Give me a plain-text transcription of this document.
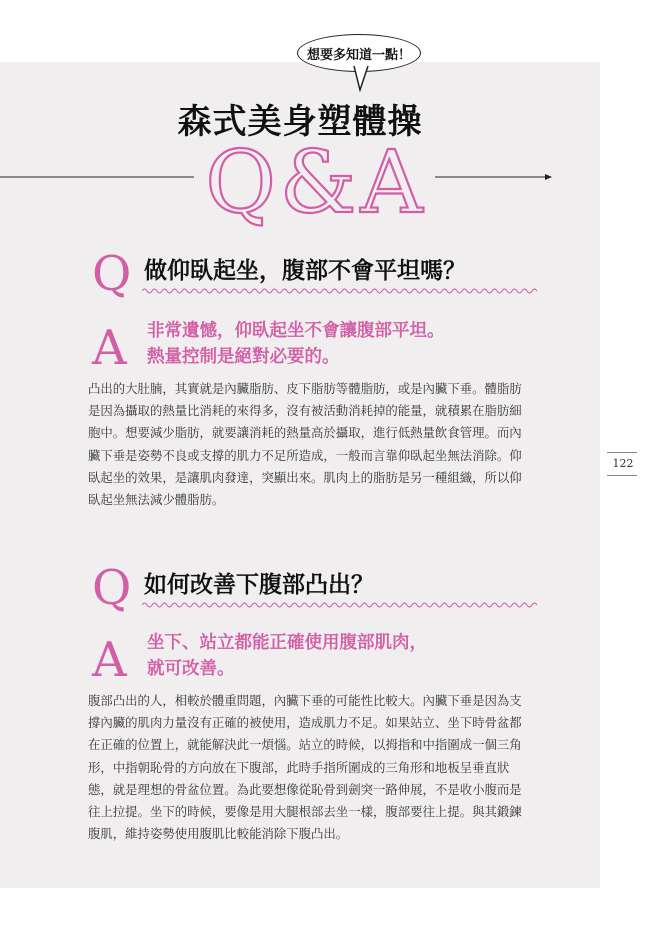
想要多知道一點！
森式美身塑體操
Q&A
Q 做仰臥起坐，腹部不會平坦嗎？
A 非常遺憾，仰臥起坐不會讓腹部平坦。
熱量控制是絕對必要的。
凸出的大肚腩，其實就是內臟脂肪、皮下脂肪等體脂肪，或是內臟下垂。體脂肪
是因為攝取的熱量比消耗的來得多，沒有被活動消耗掉的能量，就積累在脂肪細
胞中。想要減少脂肪，就要讓消耗的熱量高於攝取，進行低熱量飲食管理。而內
臟下垂是姿勢不良或支撐的肌力不足所造成，一般而言靠仰臥起坐無法消除。仰
臥起坐的效果，是讓肌肉發達，突顯出來。肌肉上的脂肪是另一種組織，所以仰
臥起坐無法減少體脂肪。
Q 如何改善下腹部凸出？
A 坐下、站立都能正確使用腹部肌肉，
就可改善。
腹部凸出的人，相較於體重問題，內臟下垂的可能性比較大。內臟下垂是因為支
撐內臟的肌肉力量沒有正確的被使用，造成肌力不足。如果站立、坐下時骨盆都
在正確的位置上，就能解決此一煩惱。站立的時候，以拇指和中指圍成一個三角
形，中指朝恥骨的方向放在下腹部，此時手指所圍成的三角形和地板呈垂直狀
態，就是理想的骨盆位置。為此要想像從恥骨到劍突一路伸展，不是收小腹而是
往上拉提。坐下的時候，要像是用大腿根部去坐一樣，腹部要往上提。與其鍛鍊
腹肌，維持姿勢使用腹肌比較能消除下腹凸出。
122
